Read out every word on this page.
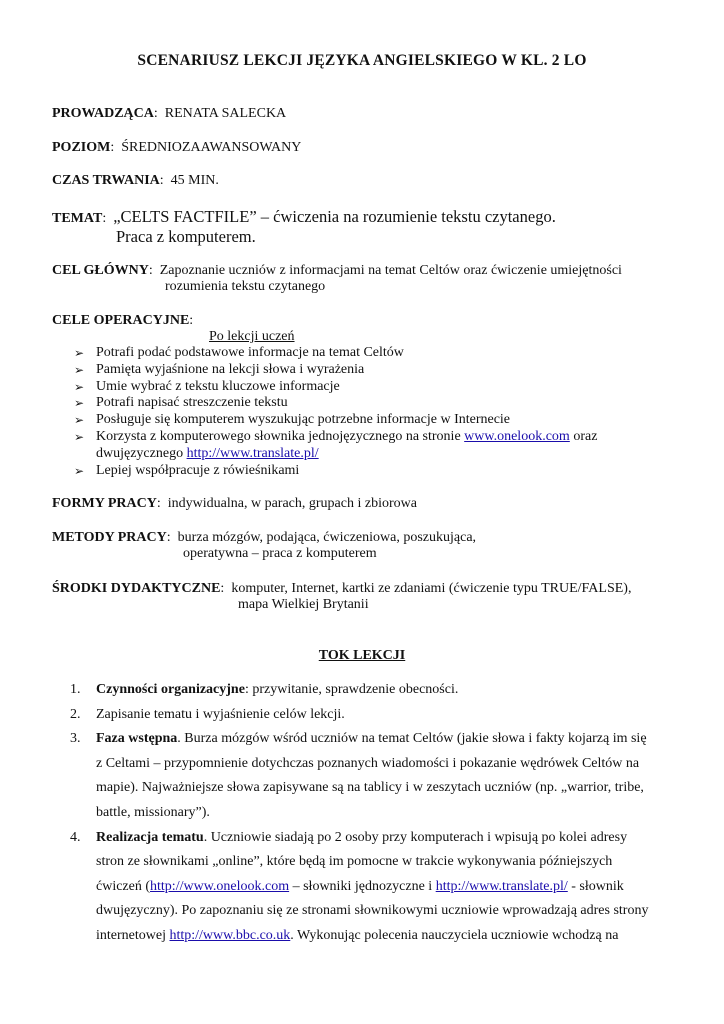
SCENARIUSZ LEKCJI JĘZYKA ANGIELSKIEGO W KL. 2 LO
PROWADZĄCA:  RENATA SALECKA
POZIOM:  ŚREDNIOZAAWANSOWANY
CZAS TRWANIA:  45 MIN.
TEMAT:  „CELTS FACTFILE” – ćwiczenia na rozumienie tekstu czytanego.
Praca z komputerem.
CEL GŁÓWNY:  Zapoznanie uczniów z informacjami na temat Celtów oraz ćwiczenie umiejętności
rozumienia tekstu czytanego
CELE OPERACYJNE:
Po lekcji uczeń
➢ Potrafi podać podstawowe informacje na temat Celtów
➢ Pamięta wyjaśnione na lekcji słowa i wyrażenia
➢ Umie wybrać z tekstu kluczowe informacje
➢ Potrafi napisać streszczenie tekstu
➢ Posługuje się komputerem wyszukując potrzebne informacje w Internecie
➢ Korzysta z komputerowego słownika jednojęzycznego na stronie www.onelook.com oraz
dwujęzycznego http://www.translate.pl/
➢ Lepiej współpracuje z rówieśnikami
FORMY PRACY:  indywidualna, w parach, grupach i zbiorowa
METODY PRACY:  burza mózgów, podająca, ćwiczeniowa, poszukująca,
operatywna – praca z komputerem
ŚRODKI DYDAKTYCZNE:  komputer, Internet, kartki ze zdaniami (ćwiczenie typu TRUE/FALSE),
mapa Wielkiej Brytanii
TOK LEKCJI
1. Czynności organizacyjne: przywitanie, sprawdzenie obecności.
2. Zapisanie tematu i wyjaśnienie celów lekcji.
3. Faza wstępna. Burza mózgów wśród uczniów na temat Celtów (jakie słowa i fakty kojarzą im się
z Celtami – przypomnienie dotychczas poznanych wiadomości i pokazanie wędrówek Celtów na
mapie). Najważniejsze słowa zapisywane są na tablicy i w zeszytach uczniów (np. „warrior, tribe,
battle, missionary”).
4. Realizacja tematu. Uczniowie siadają po 2 osoby przy komputerach i wpisują po kolei adresy
stron ze słownikami „online”, które będą im pomocne w trakcie wykonywania późniejszych
ćwiczeń (http://www.onelook.com – słowniki jędnozyczne i http://www.translate.pl/ - słownik
dwujęzyczny). Po zapoznaniu się ze stronami słownikowymi uczniowie wprowadzają adres strony
internetowej http://www.bbc.co.uk. Wykonując polecenia nauczyciela uczniowie wchodzą na
